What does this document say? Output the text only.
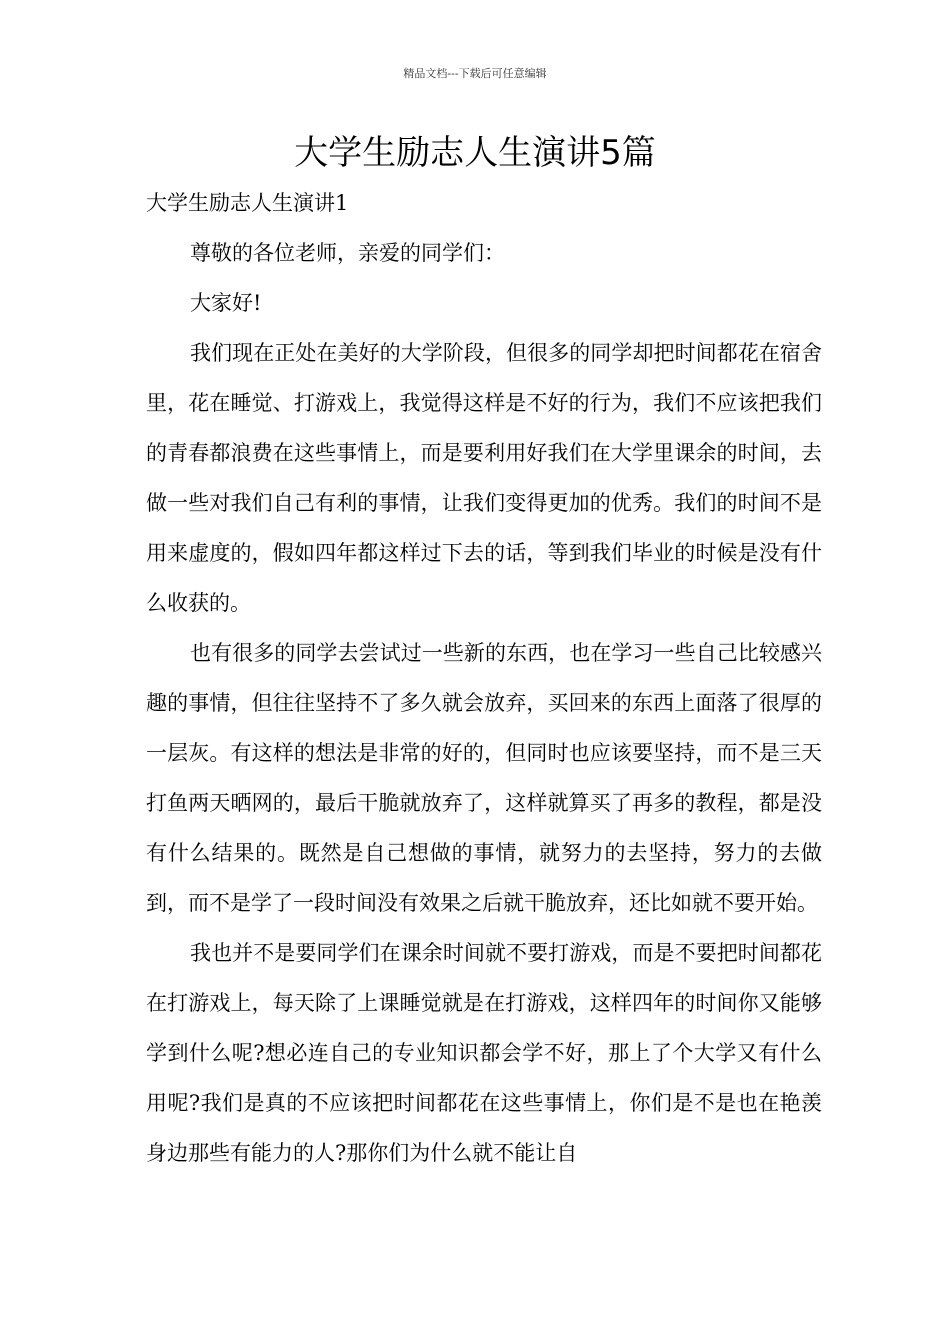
精品文档---下载后可任意编辑
大学生励志人生演讲5篇
大学生励志人生演讲1

尊敬的各位老师，亲爱的同学们：

大家好!

我们现在正处在美好的大学阶段，但很多的同学却把时间都花在宿舍里，花在睡觉、打游戏上，我觉得这样是不好的行为，我们不应该把我们的青春都浪费在这些事情上，而是要利用好我们在大学里课余的时间，去做一些对我们自己有利的事情，让我们变得更加的优秀。我们的时间不是用来虚度的，假如四年都这样过下去的话，等到我们毕业的时候是没有什么收获的。

也有很多的同学去尝试过一些新的东西，也在学习一些自己比较感兴趣的事情，但往往坚持不了多久就会放弃，买回来的东西上面落了很厚的一层灰。有这样的想法是非常的好的，但同时也应该要坚持，而不是三天打鱼两天晒网的，最后干脆就放弃了，这样就算买了再多的教程，都是没有什么结果的。既然是自己想做的事情，就努力的去坚持，努力的去做到，而不是学了一段时间没有效果之后就干脆放弃，还比如就不要开始。

我也并不是要同学们在课余时间就不要打游戏，而是不要把时间都花在打游戏上，每天除了上课睡觉就是在打游戏，这样四年的时间你又能够学到什么呢?想必连自己的专业知识都会学不好，那上了个大学又有什么用呢?我们是真的不应该把时间都花在这些事情上，你们是不是也在艳羡身边那些有能力的人?那你们为什么就不能让自
